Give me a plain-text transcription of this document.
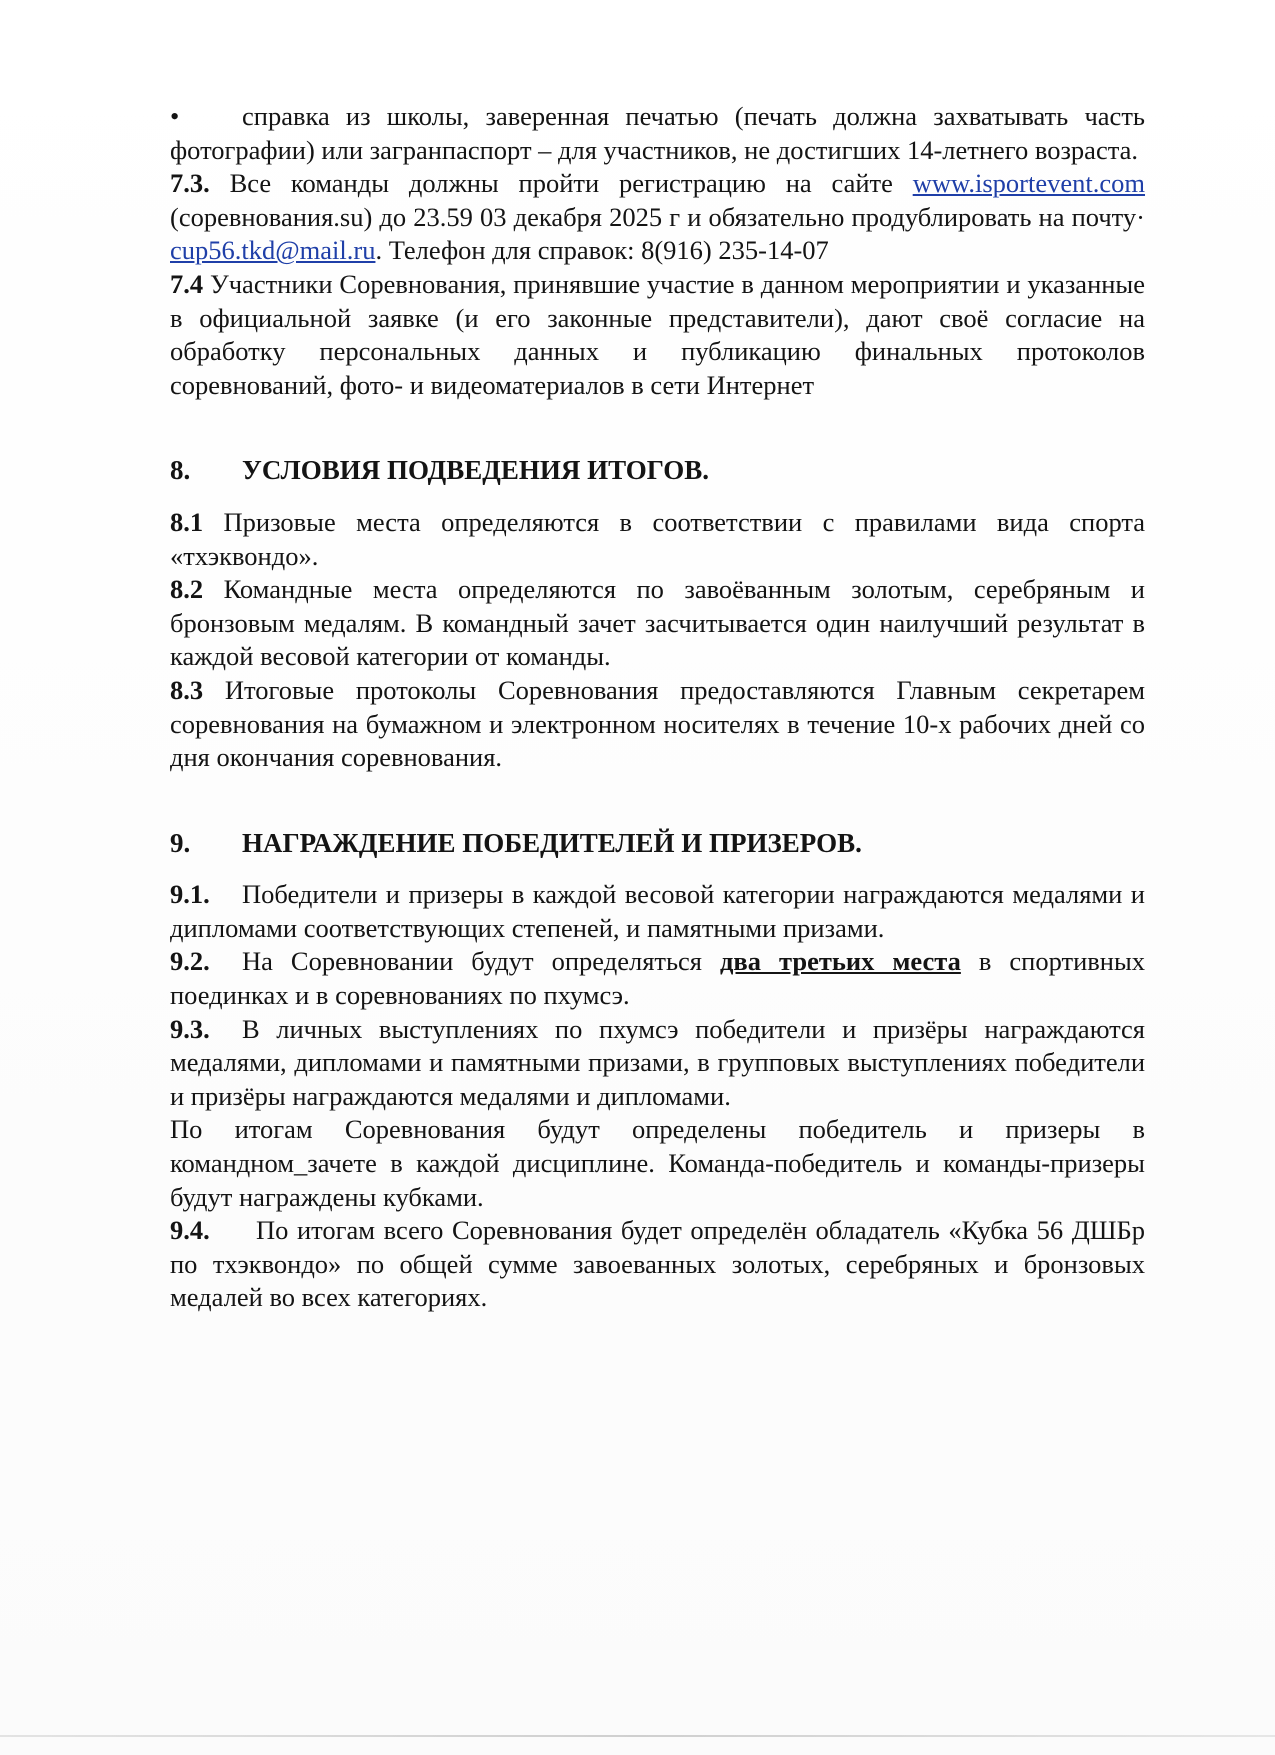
• справка из школы, заверенная печатью (печать должна захватывать часть фотографии) или загранпаспорт – для участников, не достигших 14-летнего возраста.

7.3. Все команды должны пройти регистрацию на сайте www.isportevent.com (соревнования.su) до 23.59 03 декабря 2025 г и обязательно продублировать на почту· cup56.tkd@mail.ru. Телефон для справок: 8(916) 235-14-07

7.4 Участники Соревнования, принявшие участие в данном мероприятии и указанные в официальной заявке (и его законные представители), дают своё согласие на обработку персональных данных и публикацию финальных протоколов соревнований, фото- и видеоматериалов в сети Интернет

8. УСЛОВИЯ ПОДВЕДЕНИЯ ИТОГОВ.

8.1 Призовые места определяются в соответствии с правилами вида спорта «тхэквондо».

8.2 Командные места определяются по завоёванным золотым, серебряным и бронзовым медалям. В командный зачет засчитывается один наилучший результат в каждой весовой категории от команды.

8.3 Итоговые протоколы Соревнования предоставляются Главным секретарем соревнования на бумажном и электронном носителях в течение 10-х рабочих дней со дня окончания соревнования.

9. НАГРАЖДЕНИЕ ПОБЕДИТЕЛЕЙ И ПРИЗЕРОВ.

9.1. Победители и призеры в каждой весовой категории награждаются медалями и дипломами соответствующих степеней, и памятными призами.

9.2. На Соревновании будут определяться два третьих места в спортивных поединках и в соревнованиях по пхумсэ.

9.3. В личных выступлениях по пхумсэ победители и призёры награждаются медалями, дипломами и памятными призами, в групповых выступлениях победители и призёры награждаются медалями и дипломами.

По итогам Соревнования будут определены победитель и призеры в командном_зачете в каждой дисциплине. Команда-победитель и команды-призеры будут награждены кубками.

9.4. По итогам всего Соревнования будет определён обладатель «Кубка 56 ДШБр по тхэквондо» по общей сумме завоеванных золотых, серебряных и бронзовых медалей во всех категориях.
